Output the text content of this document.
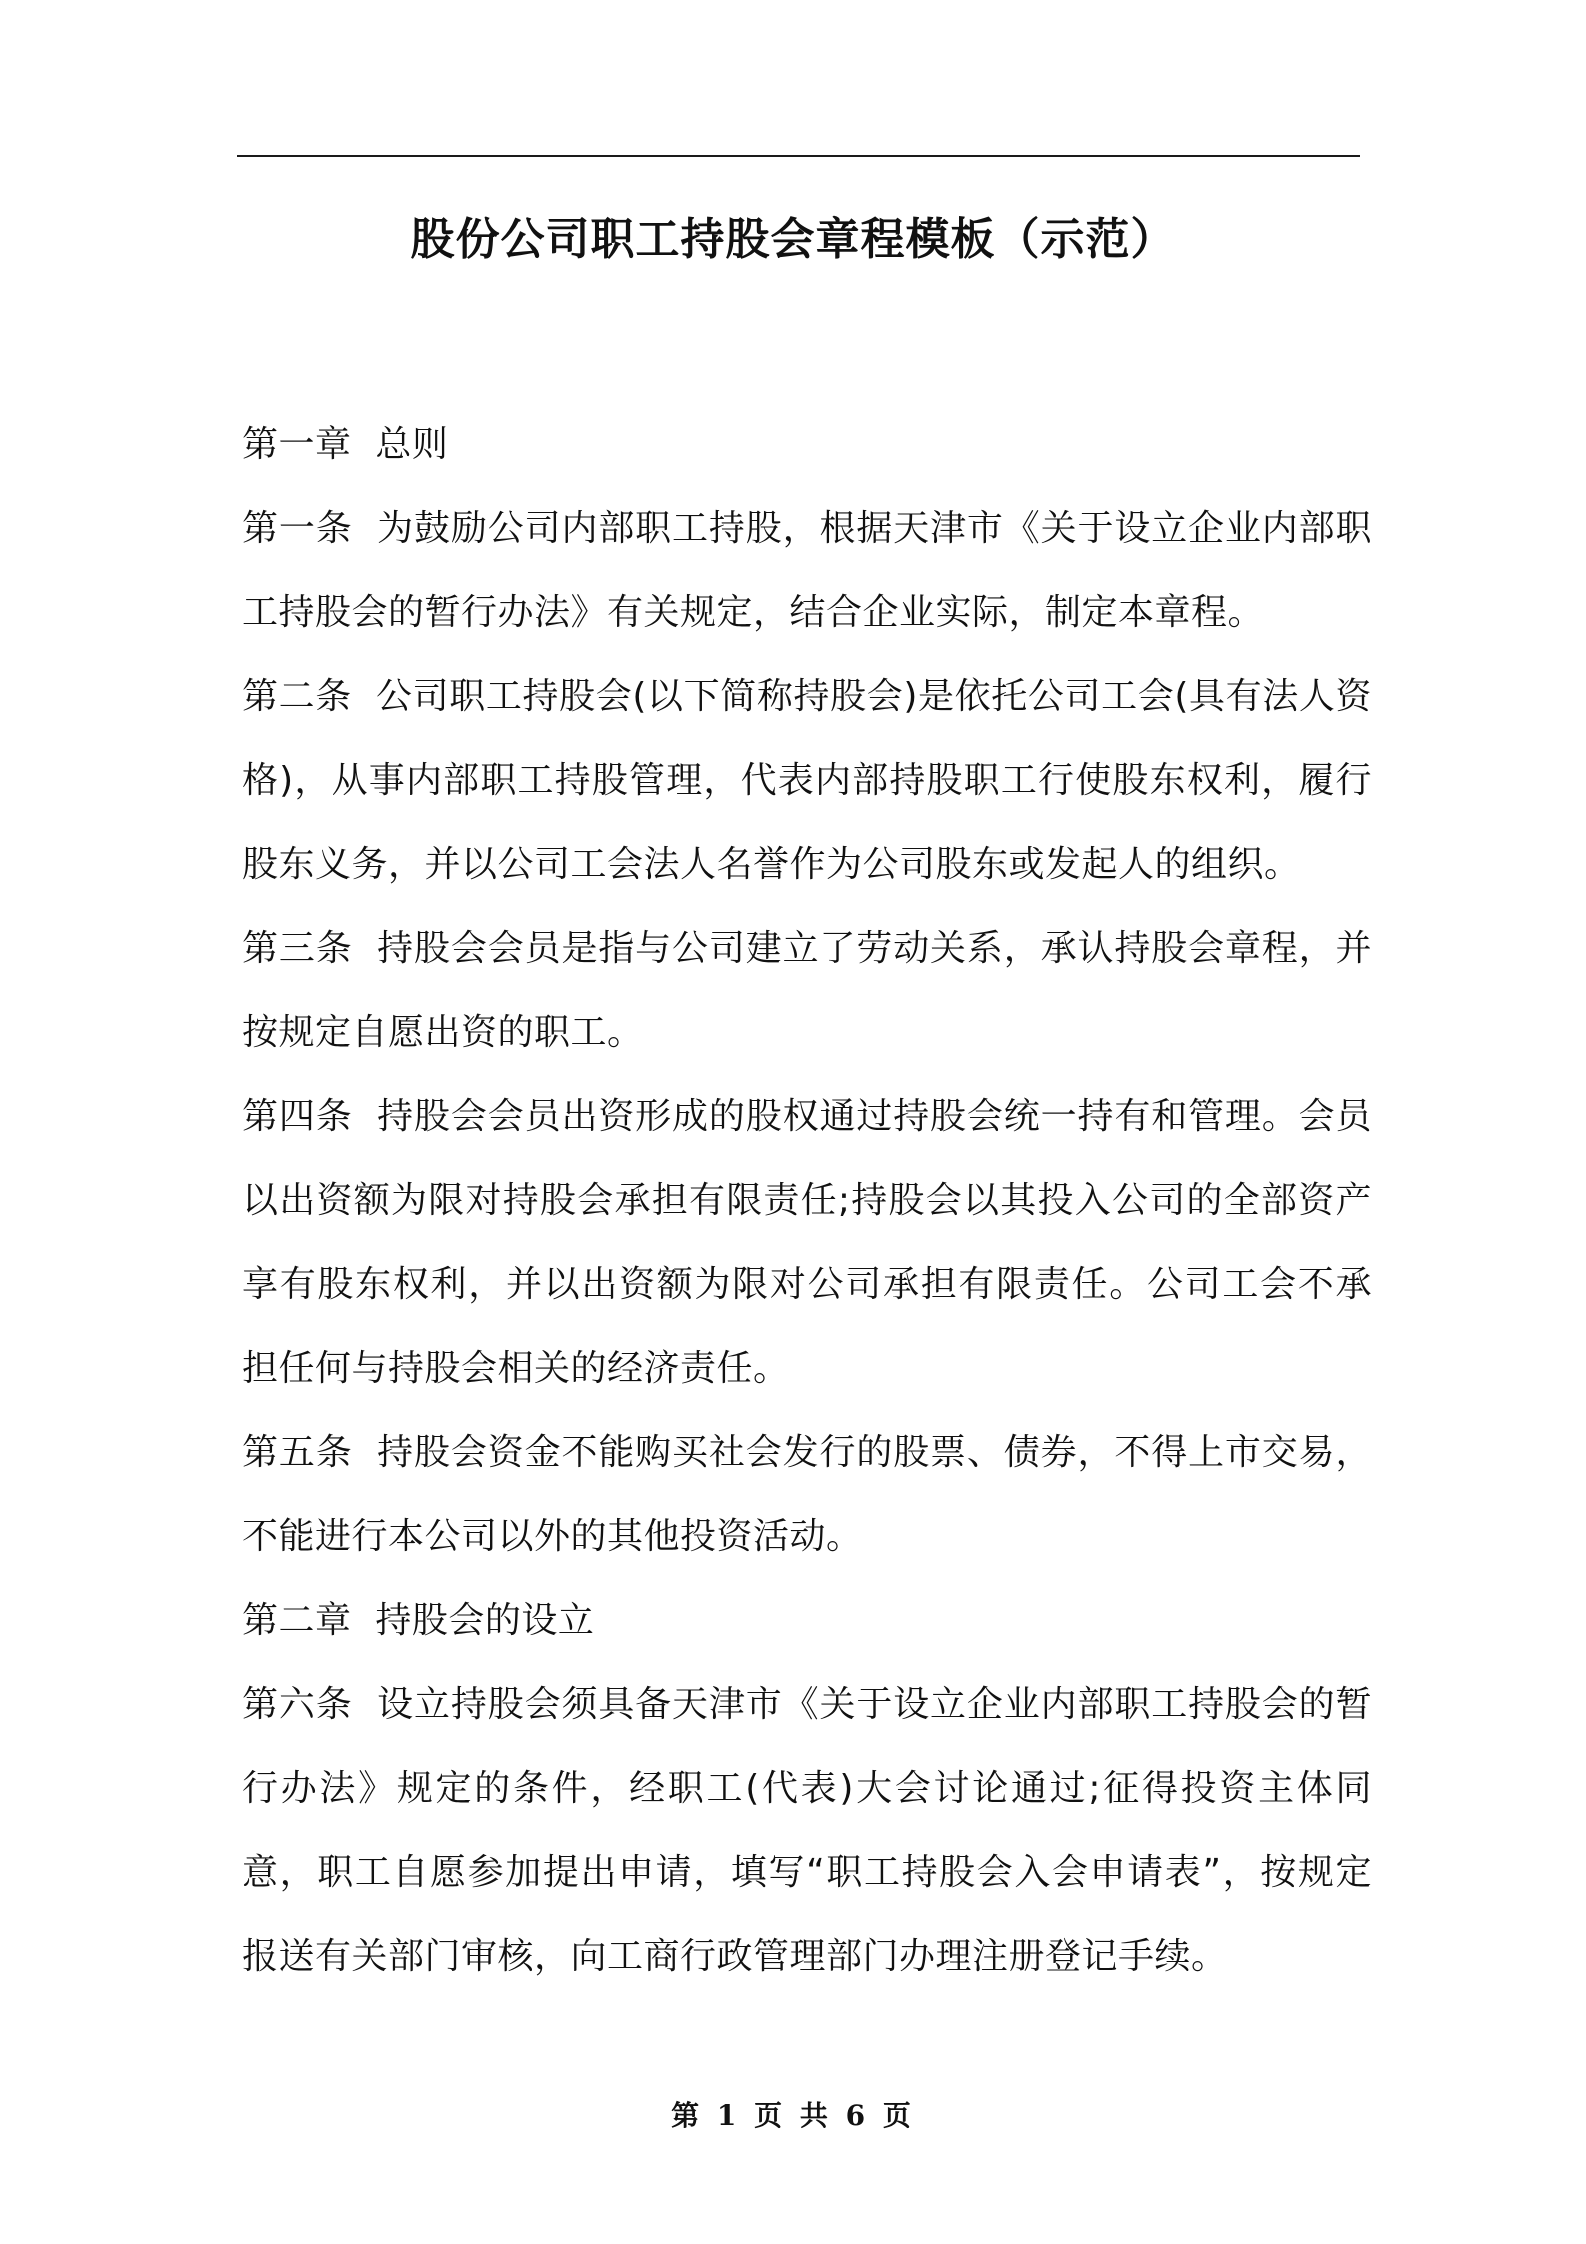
股份公司职工持股会章程模板（示范）

第一章  总则

第一条  为鼓励公司内部职工持股，根据天津市《关于设立企业内部职工持股会的暂行办法》有关规定，结合企业实际，制定本章程。

第二条  公司职工持股会(以下简称持股会)是依托公司工会(具有法人资格)，从事内部职工持股管理，代表内部持股职工行使股东权利，履行股东义务，并以公司工会法人名誉作为公司股东或发起人的组织。

第三条  持股会会员是指与公司建立了劳动关系，承认持股会章程，并按规定自愿出资的职工。

第四条  持股会会员出资形成的股权通过持股会统一持有和管理。会员以出资额为限对持股会承担有限责任;持股会以其投入公司的全部资产享有股东权利，并以出资额为限对公司承担有限责任。公司工会不承担任何与持股会相关的经济责任。

第五条  持股会资金不能购买社会发行的股票、债券，不得上市交易，不能进行本公司以外的其他投资活动。

第二章  持股会的设立

第六条  设立持股会须具备天津市《关于设立企业内部职工持股会的暂行办法》规定的条件，经职工(代表)大会讨论通过;征得投资主体同意，职工自愿参加提出申请，填写“职工持股会入会申请表”，按规定报送有关部门审核，向工商行政管理部门办理注册登记手续。

第 1 页 共 6 页
